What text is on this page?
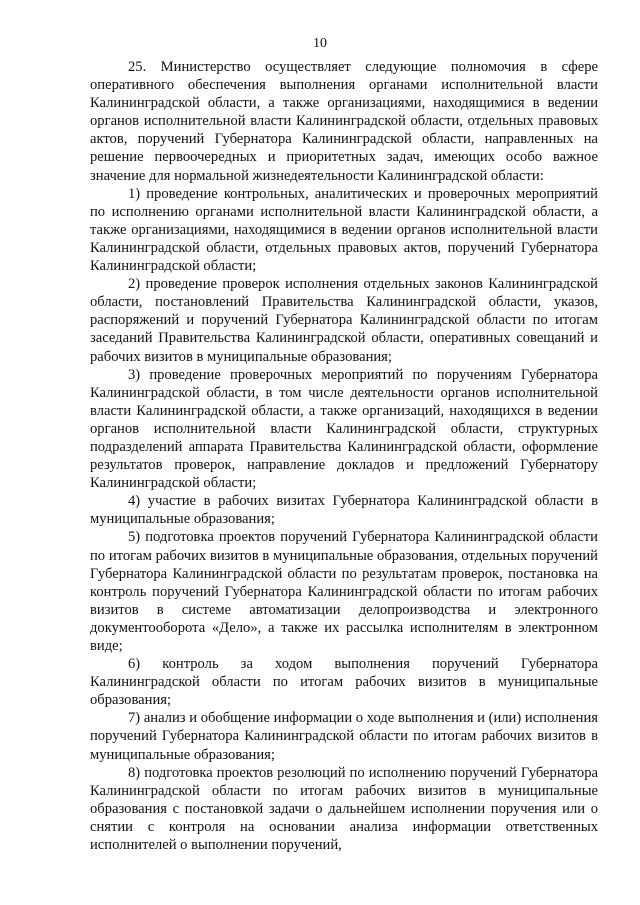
10

25. Министерство осуществляет следующие полномочия в сфере оперативного обеспечения выполнения органами исполнительной власти Калининградской области, а также организациями, находящимися в ведении органов исполнительной власти Калининградской области, отдельных правовых актов, поручений Губернатора Калининградской области, направленных на решение первоочередных и приоритетных задач, имеющих особо важное значение для нормальной жизнедеятельности Калининградской области:

1) проведение контрольных, аналитических и проверочных мероприятий по исполнению органами исполнительной власти Калининградской области, а также организациями, находящимися в ведении органов исполнительной власти Калининградской области, отдельных правовых актов, поручений Губернатора Калининградской области;

2) проведение проверок исполнения отдельных законов Калининградской области, постановлений Правительства Калининградской области, указов, распоряжений и поручений Губернатора Калининградской области по итогам заседаний Правительства Калининградской области, оперативных совещаний и рабочих визитов в муниципальные образования;

3) проведение проверочных мероприятий по поручениям Губернатора Калининградской области, в том числе деятельности органов исполнительной власти Калининградской области, а также организаций, находящихся в ведении органов исполнительной власти Калининградской области, структурных подразделений аппарата Правительства Калининградской области, оформление результатов проверок, направление докладов и предложений Губернатору Калининградской области;

4) участие в рабочих визитах Губернатора Калининградской области в муниципальные образования;

5) подготовка проектов поручений Губернатора Калининградской области по итогам рабочих визитов в муниципальные образования, отдельных поручений Губернатора Калининградской области по результатам проверок, постановка на контроль поручений Губернатора Калининградской области по итогам рабочих визитов в системе автоматизации делопроизводства и электронного документооборота «Дело», а также их рассылка исполнителям в электронном виде;

6) контроль за ходом выполнения поручений Губернатора Калининградской области по итогам рабочих визитов в муниципальные образования;

7) анализ и обобщение информации о ходе выполнения и (или) исполнения поручений Губернатора Калининградской области по итогам рабочих визитов в муниципальные образования;

8) подготовка проектов резолюций по исполнению поручений Губернатора Калининградской области по итогам рабочих визитов в муниципальные образования с постановкой задачи о дальнейшем исполнении поручения или о снятии с контроля на основании анализа информации ответственных исполнителей о выполнении поручений,
